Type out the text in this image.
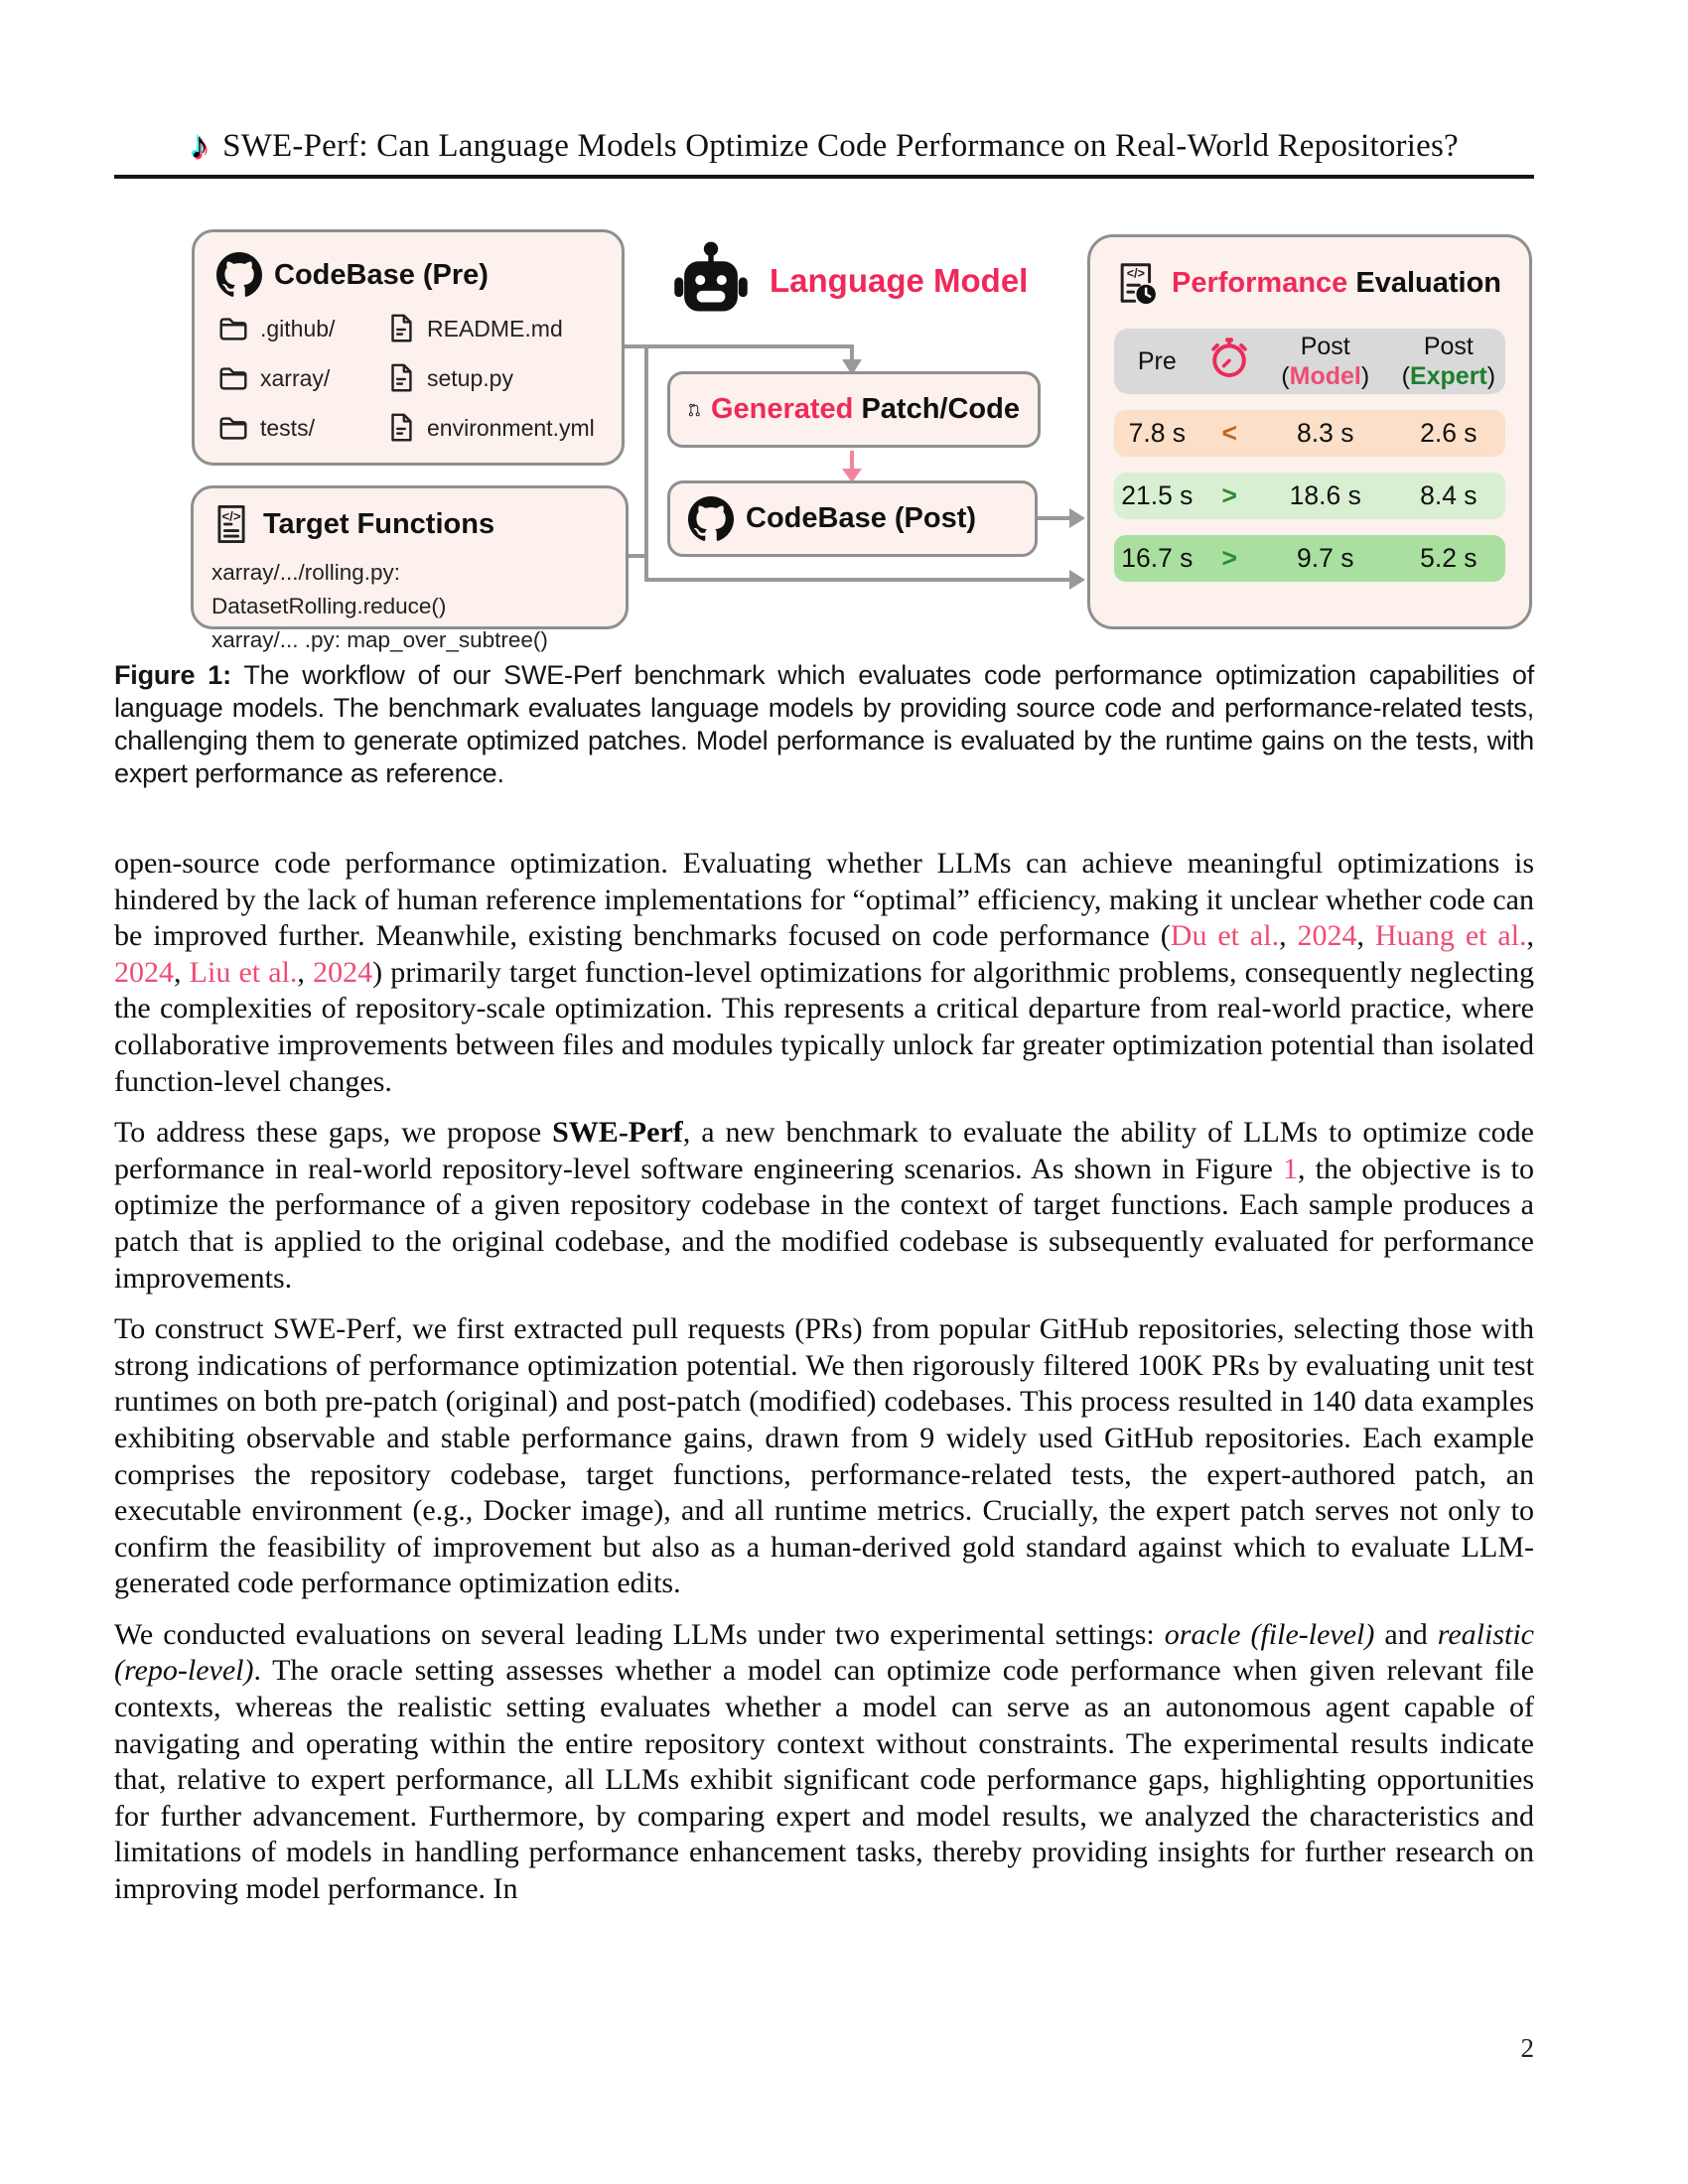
♪ SWE-Perf: Can Language Models Optimize Code Performance on Real-World Repositories?
CodeBase (Pre)
.github/	README.md
xarray/	setup.py
tests/	environment.yml
</> Target Functions
xarray/.../rolling.py: DatasetRolling.reduce()
xarray/... .py: map_over_subtree()
Language Model
Generated Patch/Code
CodeBase (Post)
</> Performance Evaluation
Pre
Post
(Model)
Post
(Expert)
7.8 s	<	8.3 s	2.6 s
21.5 s	>	18.6 s	8.4 s
16.7 s	>	9.7 s	5.2 s
Figure 1: The workflow of our SWE-Perf benchmark which evaluates code performance optimization capabilities of language models. The benchmark evaluates language models by providing source code and performance-related tests, challenging them to generate optimized patches. Model performance is evaluated by the runtime gains on the tests, with expert performance as reference.

open-source code performance optimization. Evaluating whether LLMs can achieve meaningful optimizations is hindered by the lack of human reference implementations for “optimal” efficiency, making it unclear whether code can be improved further. Meanwhile, existing benchmarks focused on code performance (Du et al., 2024, Huang et al., 2024, Liu et al., 2024) primarily target function-level optimizations for algorithmic problems, consequently neglecting the complexities of repository-scale optimization. This represents a critical departure from real-world practice, where collaborative improvements between files and modules typically unlock far greater optimization potential than isolated function-level changes.

To address these gaps, we propose SWE-Perf, a new benchmark to evaluate the ability of LLMs to optimize code performance in real-world repository-level software engineering scenarios. As shown in Figure 1, the objective is to optimize the performance of a given repository codebase in the context of target functions. Each sample produces a patch that is applied to the original codebase, and the modified codebase is subsequently evaluated for performance improvements.

To construct SWE-Perf, we first extracted pull requests (PRs) from popular GitHub repositories, selecting those with strong indications of performance optimization potential. We then rigorously filtered 100K PRs by evaluating unit test runtimes on both pre-patch (original) and post-patch (modified) codebases. This process resulted in 140 data examples exhibiting observable and stable performance gains, drawn from 9 widely used GitHub repositories. Each example comprises the repository codebase, target functions, performance-related tests, the expert-authored patch, an executable environment (e.g., Docker image), and all runtime metrics. Crucially, the expert patch serves not only to confirm the feasibility of improvement but also as a human-derived gold standard against which to evaluate LLM-generated code performance optimization edits.

We conducted evaluations on several leading LLMs under two experimental settings: oracle (file-level) and realistic (repo-level). The oracle setting assesses whether a model can optimize code performance when given relevant file contexts, whereas the realistic setting evaluates whether a model can serve as an autonomous agent capable of navigating and operating within the entire repository context without constraints. The experimental results indicate that, relative to expert performance, all LLMs exhibit significant code performance gaps, highlighting opportunities for further advancement. Furthermore, by comparing expert and model results, we analyzed the characteristics and limitations of models in handling performance enhancement tasks, thereby providing insights for further research on improving model performance. In

2
